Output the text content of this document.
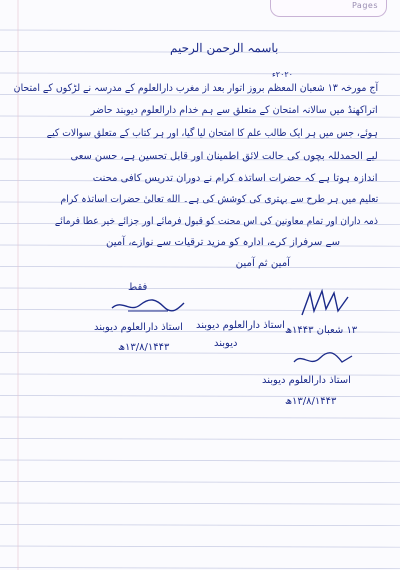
Pages
باسمہ الرحمن الرحیم
۲۰۲۰ء
آج مورخہ ۱۳ شعبان المعظم بروز اتوار بعد از مغرب دارالعلوم کے مدرسہ نے لڑکوں کے امتحان
اتراکھنڈ میں سالانہ امتحان کے متعلق سے ہم خدام دارالعلوم دیوبند حاضر
ہوئے، جس میں ہر ایک طالب علم کا امتحان لیا گیا، اور ہر کتاب کے متعلق سوالات کیے
لیے الحمدللہ بچوں کی حالت لائق اطمینان اور قابل تحسین ہے، حسن سعی
اندازہ ہوتا ہے کہ حضرات اساتذہ کرام نے دوران تدریس کافی محنت
تعلیم میں ہر طرح سے بہتری کی کوشش کی ہے۔ الله تعالیٰ حضرات اساتذہ کرام
ذمہ داران اور تمام معاونین کی اس محنت کو قبول فرمائے اور جزائے خیر عطا فرمائے
سے سرفراز کرے، ادارہ کو مزید ترقیات سے نوازے، آمین
آمین ثم آمین
فقط
استاذ دارالعلوم دیوبند
۱۳/۸/۱۴۴۳ھ
استاذ دارالعلوم دیوبند
دیوبند
۱۳ شعبان ۱۴۴۳ھ
استاذ دارالعلوم دیوبند
۱۳/۸/۱۴۴۳ھ
